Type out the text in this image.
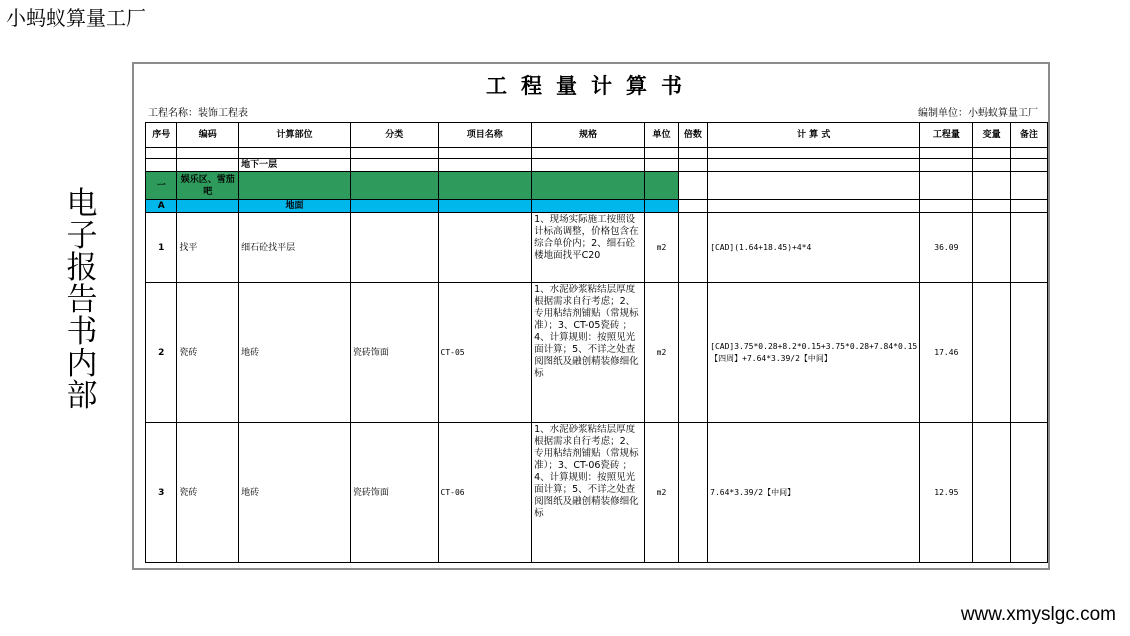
小蚂蚁算量工厂
电子报告书内部
www.xmyslgc.com
工程量计算书
工程名称：装饰工程表	编制单位：小蚂蚁算量工厂
序号	编码	计算部位	分类	项目名称	规格	单位	倍数	计 算 式	工程量	变量	备注

		地下一层									
一	娱乐区、雪茄吧										
A		地面									
1	找平	细石砼找平层			1、现场实际施工按照设计标高调整，价格包含在综合单价内；2、细石砼楼地面找平C20	m2		[CAD](1.64+18.45)+4*4	36.09		
2	瓷砖	地砖	瓷砖饰面	CT-05	1、水泥砂浆粘结层厚度根据需求自行考虑；2、专用粘结剂铺贴（常规标准）；3、CT-05瓷砖 ；4、计算规则：按照见光面计算；5、不详之处查阅图纸及融创精装修细化标	m2		[CAD]3.75*0.28+8.2*0.15+3.75*0.28+7.84*0.15【四周】+7.64*3.39/2【中间】	17.46		
3	瓷砖	地砖	瓷砖饰面	CT-06	1、水泥砂浆粘结层厚度根据需求自行考虑；2、专用粘结剂铺贴（常规标准）；3、CT-06瓷砖 ；4、计算规则：按照见光面计算；5、不详之处查阅图纸及融创精装修细化标	m2		7.64*3.39/2【中间】	12.95		
